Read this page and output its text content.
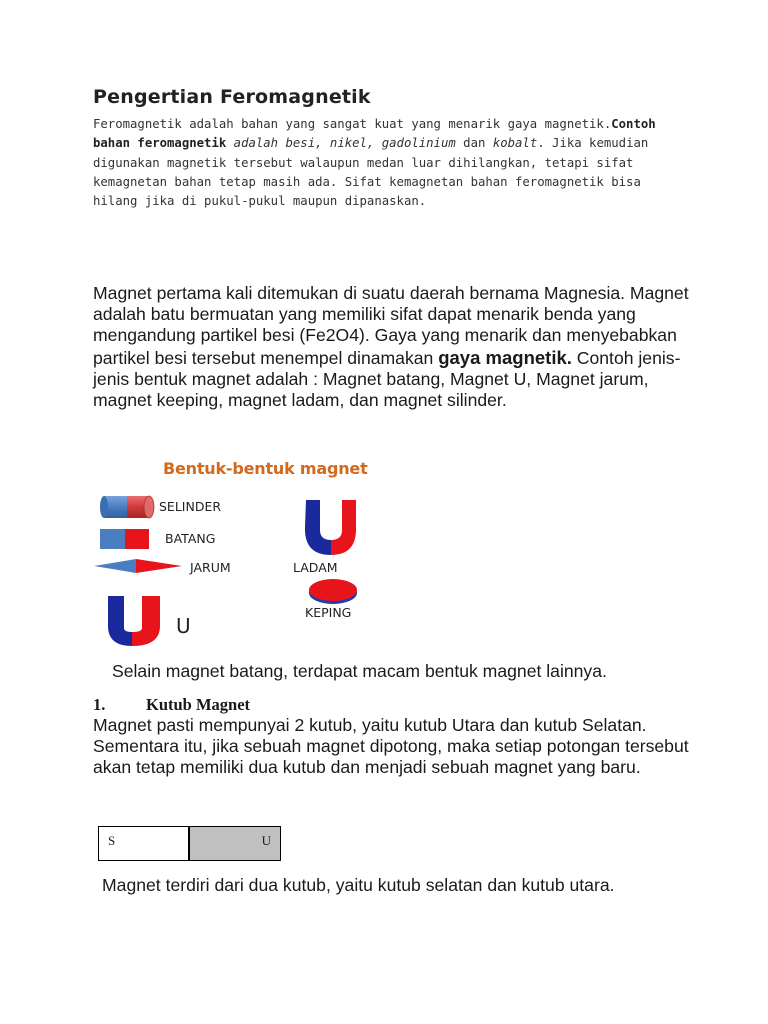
Pengertian Feromagnetik
Feromagnetik adalah bahan yang sangat kuat yang menarik gaya magnetik.Contoh bahan feromagnetik adalah besi, nikel, gadolinium dan kobalt. Jika kemudian digunakan magnetik tersebut walaupun medan luar dihilangkan, tetapi sifat kemagnetan bahan tetap masih ada. Sifat kemagnetan bahan feromagnetik bisa hilang jika di pukul-pukul maupun dipanaskan.
Magnet pertama kali ditemukan di suatu daerah bernama Magnesia. Magnet adalah batu bermuatan yang memiliki sifat dapat menarik benda yang mengandung partikel besi (Fe2O4). Gaya yang menarik dan menyebabkan partikel besi tersebut menempel dinamakan gaya magnetik. Contoh jenis-jenis bentuk magnet adalah : Magnet batang, Magnet U, Magnet jarum, magnet keeping, magnet ladam, dan magnet silinder.
Bentuk-bentuk magnet
SELINDER
BATANG
JARUM	LADAM
KEPING
U
Selain magnet batang, terdapat macam bentuk magnet lainnya.
1. Kutub Magnet
Magnet pasti mempunyai 2 kutub, yaitu kutub Utara dan kutub Selatan. Sementara itu, jika sebuah magnet dipotong, maka setiap potongan tersebut akan tetap memiliki dua kutub dan menjadi sebuah magnet yang baru.
S	U
Magnet terdiri dari dua kutub, yaitu kutub selatan dan kutub utara.
